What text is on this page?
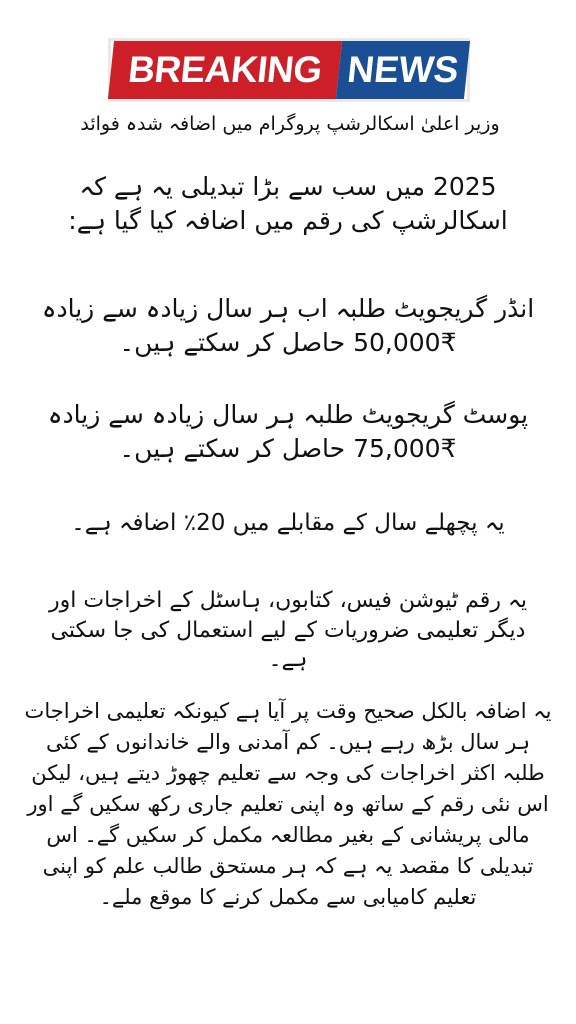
BREAKING NEWS
وزیر اعلیٰ اسکالرشپ پروگرام میں اضافہ شدہ فوائد
2025 میں سب سے بڑا تبدیلی یہ ہے کہ اسکالرشپ کی رقم میں اضافہ کیا گیا ہے:
انڈر گریجویٹ طلبہ اب ہر سال زیادہ سے زیادہ ₹50,000 حاصل کر سکتے ہیں۔
پوسٹ گریجویٹ طلبہ ہر سال زیادہ سے زیادہ ₹75,000 حاصل کر سکتے ہیں۔
یہ پچھلے سال کے مقابلے میں 20٪ اضافہ ہے۔
یہ رقم ٹیوشن فیس، کتابوں، ہاسٹل کے اخراجات اور دیگر تعلیمی ضروریات کے لیے استعمال کی جا سکتی ہے۔
یہ اضافہ بالکل صحیح وقت پر آیا ہے کیونکہ تعلیمی اخراجات ہر سال بڑھ رہے ہیں۔ کم آمدنی والے خاندانوں کے کئی طلبہ اکثر اخراجات کی وجہ سے تعلیم چھوڑ دیتے ہیں، لیکن اس نئی رقم کے ساتھ وہ اپنی تعلیم جاری رکھ سکیں گے اور مالی پریشانی کے بغیر مطالعہ مکمل کر سکیں گے۔ اس تبدیلی کا مقصد یہ ہے کہ ہر مستحق طالب علم کو اپنی تعلیم کامیابی سے مکمل کرنے کا موقع ملے۔
